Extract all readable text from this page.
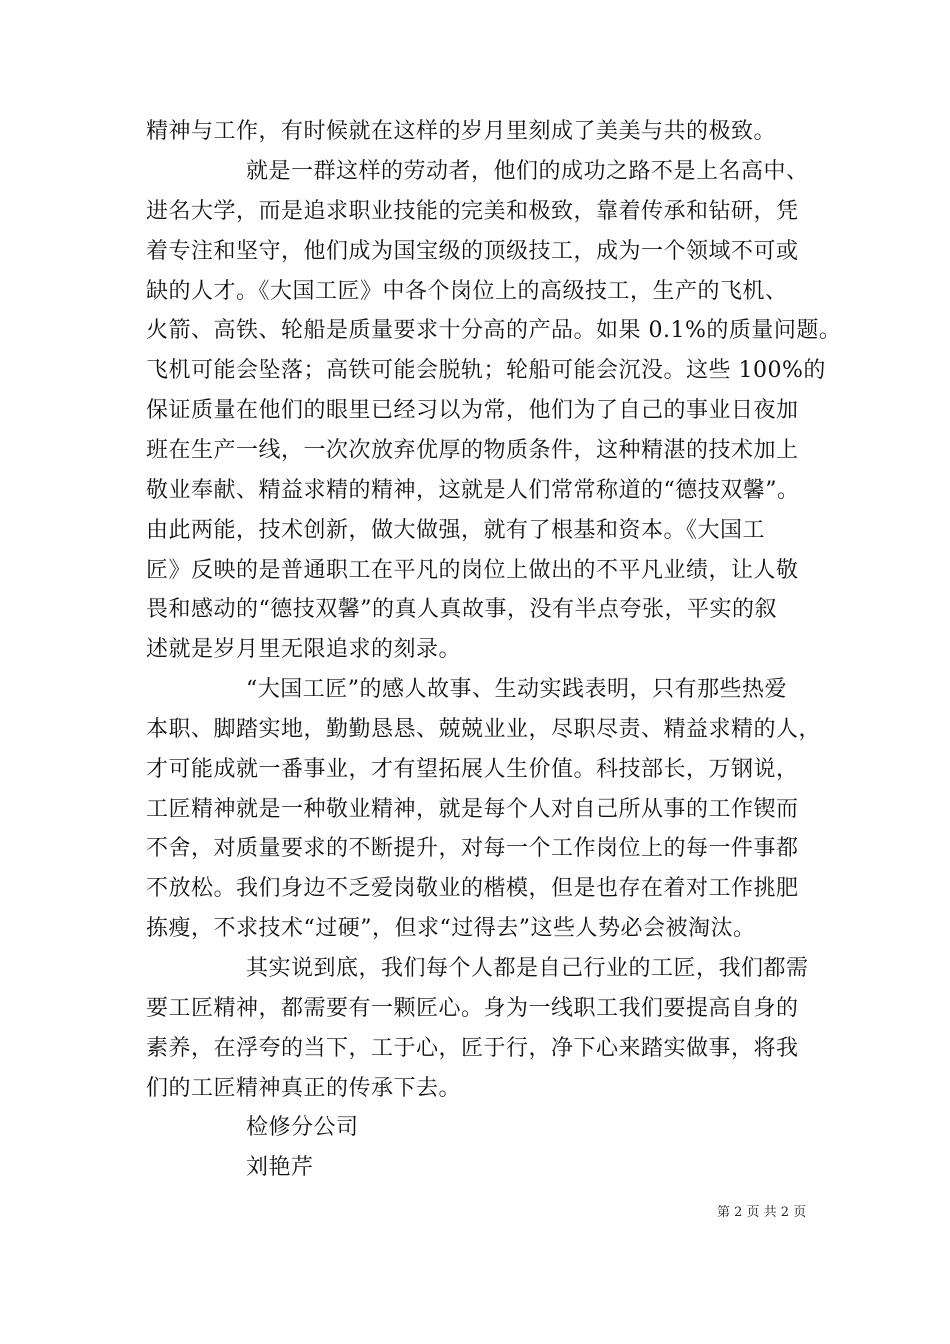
精神与工作，有时候就在这样的岁月里刻成了美美与共的极致。
就是一群这样的劳动者，他们的成功之路不是上名高中、
进名大学，而是追求职业技能的完美和极致，靠着传承和钻研，凭
着专注和坚守，他们成为国宝级的顶级技工，成为一个领域不可或
缺的人才。《大国工匠》中各个岗位上的高级技工，生产的飞机、
火箭、高铁、轮船是质量要求十分高的产品。如果 0.1%的质量问题。
飞机可能会坠落；高铁可能会脱轨；轮船可能会沉没。这些 100%的
保证质量在他们的眼里已经习以为常，他们为了自己的事业日夜加
班在生产一线，一次次放弃优厚的物质条件，这种精湛的技术加上
敬业奉献、精益求精的精神，这就是人们常常称道的“德技双馨”。
由此两能，技术创新，做大做强，就有了根基和资本。《大国工
匠》反映的是普通职工在平凡的岗位上做出的不平凡业绩，让人敬
畏和感动的“德技双馨”的真人真故事，没有半点夸张，平实的叙
述就是岁月里无限追求的刻录。
“大国工匠”的感人故事、生动实践表明，只有那些热爱
本职、脚踏实地，勤勤恳恳、兢兢业业，尽职尽责、精益求精的人，
才可能成就一番事业，才有望拓展人生价值。科技部长，万钢说，
工匠精神就是一种敬业精神，就是每个人对自己所从事的工作锲而
不舍，对质量要求的不断提升，对每一个工作岗位上的每一件事都
不放松。我们身边不乏爱岗敬业的楷模，但是也存在着对工作挑肥
拣瘦，不求技术“过硬”，但求“过得去”这些人势必会被淘汰。
其实说到底，我们每个人都是自己行业的工匠，我们都需
要工匠精神，都需要有一颗匠心。身为一线职工我们要提高自身的
素养，在浮夸的当下，工于心，匠于行，净下心来踏实做事，将我
们的工匠精神真正的传承下去。
检修分公司
刘艳芹
第 2 页 共 2 页
